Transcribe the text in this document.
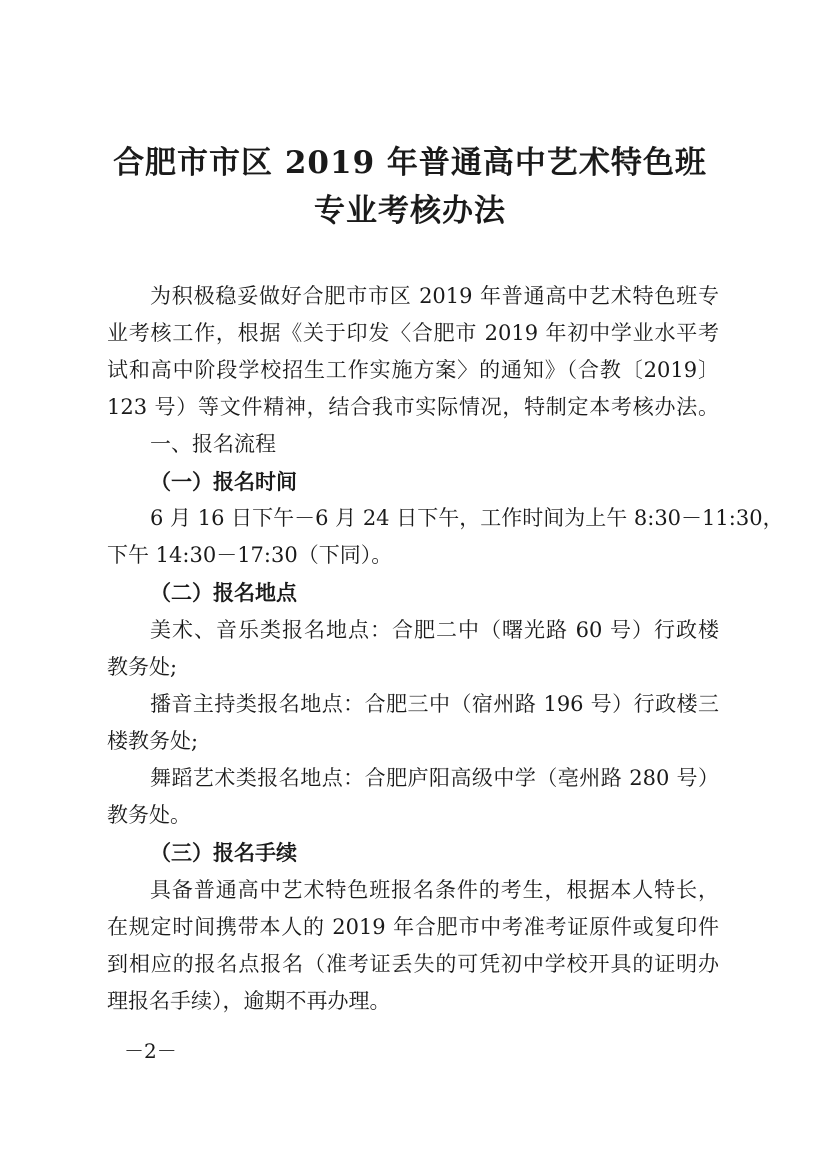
合肥市市区 2019 年普通高中艺术特色班
专业考核办法

为积极稳妥做好合肥市市区 2019 年普通高中艺术特色班专

业考核工作，根据《关于印发〈合肥市 2019 年初中学业水平考

试和高中阶段学校招生工作实施方案〉的通知》（合教〔2019〕

123 号）等文件精神，结合我市实际情况，特制定本考核办法。

一、报名流程

（一）报名时间

6 月 16 日下午－6 月 24 日下午，工作时间为上午 8:30－11:30，

下午 14:30－17:30（下同）。

（二）报名地点

美术、音乐类报名地点：合肥二中（曙光路 60 号）行政楼

教务处;

播音主持类报名地点：合肥三中（宿州路 196 号）行政楼三

楼教务处;

舞蹈艺术类报名地点：合肥庐阳高级中学（亳州路 280 号）

教务处。

（三）报名手续

具备普通高中艺术特色班报名条件的考生，根据本人特长，

在规定时间携带本人的 2019 年合肥市中考准考证原件或复印件

到相应的报名点报名（准考证丢失的可凭初中学校开具的证明办

理报名手续），逾期不再办理。

－2－
